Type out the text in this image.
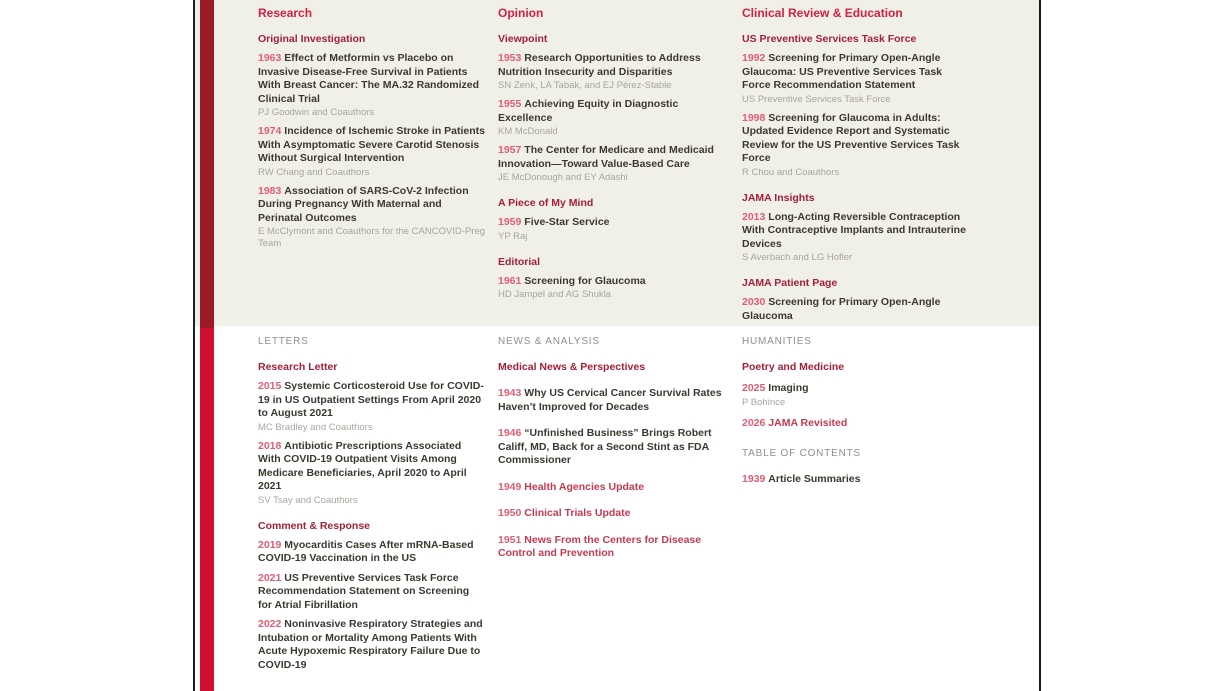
Research
Original Investigation
1963 Effect of Metformin vs Placebo on Invasive Disease-Free Survival in Patients With Breast Cancer: The MA.32 Randomized Clinical Trial
PJ Goodwin and Coauthors
1974 Incidence of Ischemic Stroke in Patients With Asymptomatic Severe Carotid Stenosis Without Surgical Intervention
RW Chang and Coauthors
1983 Association of SARS-CoV-2 Infection During Pregnancy With Maternal and Perinatal Outcomes
E McClymont and Coauthors for the CANCOVID-Preg Team
Opinion
Viewpoint
1953 Research Opportunities to Address Nutrition Insecurity and Disparities
SN Zenk, LA Tabak, and EJ Pérez-Stable
1955 Achieving Equity in Diagnostic Excellence
KM McDonald
1957 The Center for Medicare and Medicaid Innovation—Toward Value-Based Care
JE McDonough and EY Adashi
A Piece of My Mind
1959 Five-Star Service
YP Raj
Editorial
1961 Screening for Glaucoma
HD Jampel and AG Shukla
Clinical Review & Education
US Preventive Services Task Force
1992 Screening for Primary Open-Angle Glaucoma: US Preventive Services Task Force Recommendation Statement
US Preventive Services Task Force
1998 Screening for Glaucoma in Adults: Updated Evidence Report and Systematic Review for the US Preventive Services Task Force
R Chou and Coauthors
JAMA Insights
2013 Long-Acting Reversible Contraception With Contraceptive Implants and Intrauterine Devices
S Averbach and LG Hofler
JAMA Patient Page
2030 Screening for Primary Open-Angle Glaucoma
LETTERS
Research Letter
2015 Systemic Corticosteroid Use for COVID-19 in US Outpatient Settings From April 2020 to August 2021
MC Bradley and Coauthors
2018 Antibiotic Prescriptions Associated With COVID-19 Outpatient Visits Among Medicare Beneficiaries, April 2020 to April 2021
SV Tsay and Coauthors
Comment & Response
2019 Myocarditis Cases After mRNA-Based COVID-19 Vaccination in the US
2021 US Preventive Services Task Force Recommendation Statement on Screening for Atrial Fibrillation
2022 Noninvasive Respiratory Strategies and Intubation or Mortality Among Patients With Acute Hypoxemic Respiratory Failure Due to COVID-19
NEWS & ANALYSIS
Medical News & Perspectives
1943 Why US Cervical Cancer Survival Rates Haven’t Improved for Decades
1946 “Unfinished Business” Brings Robert Califf, MD, Back for a Second Stint as FDA Commissioner
1949 Health Agencies Update
1950 Clinical Trials Update
1951 News From the Centers for Disease Control and Prevention
HUMANITIES
Poetry and Medicine
2025 Imaging
P Bohince
2026 JAMA Revisited
TABLE OF CONTENTS
1939 Article Summaries
